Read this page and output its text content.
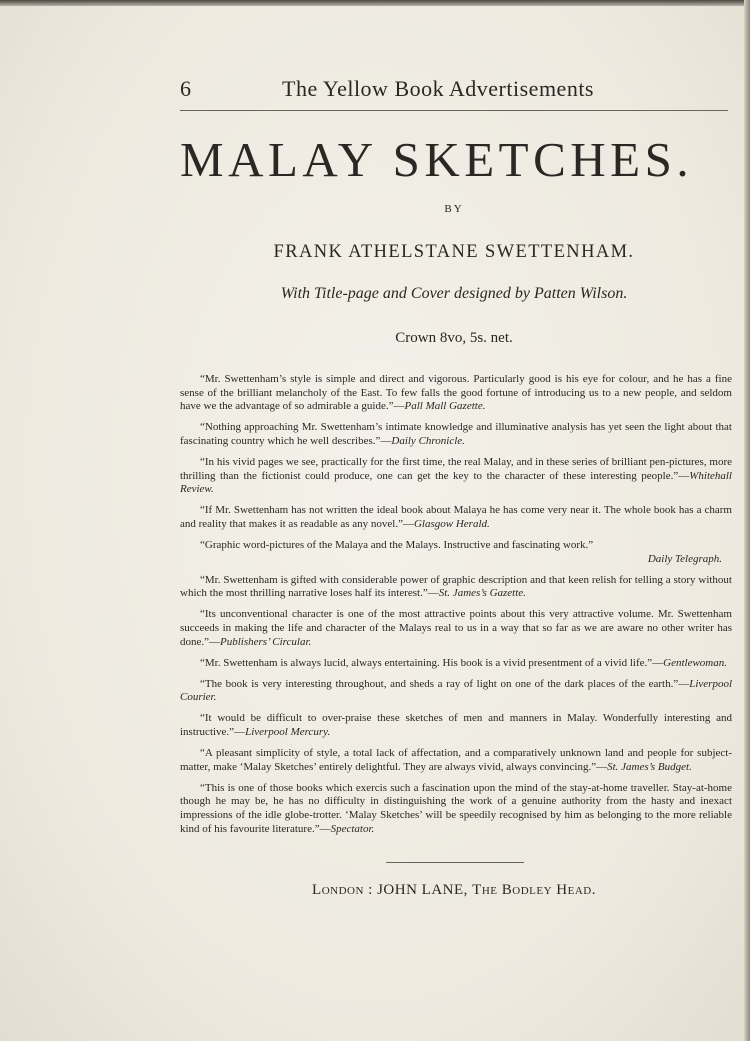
6	The Yellow Book Advertisements
MALAY SKETCHES.
BY
FRANK ATHELSTANE SWETTENHAM.
With Title-page and Cover designed by Patten Wilson.
Crown 8vo, 5s. net.

“Mr. Swettenham’s style is simple and direct and vigorous. Particularly good is his eye for colour, and he has a fine sense of the brilliant melancholy of the East. To few falls the good fortune of introducing us to a new people, and seldom have we the advantage of so admirable a guide.”—Pall Mall Gazette.

“Nothing approaching Mr. Swettenham’s intimate knowledge and illuminative analysis has yet seen the light about that fascinating country which he well describes.”—Daily Chronicle.

“In his vivid pages we see, practically for the first time, the real Malay, and in these series of brilliant pen-pictures, more thrilling than the fictionist could produce, one can get the key to the character of these interesting people.”—Whitehall Review.

“If Mr. Swettenham has not written the ideal book about Malaya he has come very near it. The whole book has a charm and reality that makes it as readable as any novel.”—Glasgow Herald.

“Graphic word-pictures of the Malaya and the Malays. Instructive and fascinating work.”
Daily Telegraph.

“Mr. Swettenham is gifted with considerable power of graphic description and that keen relish for telling a story without which the most thrilling narrative loses half its interest.”—St. James’s Gazette.

“Its unconventional character is one of the most attractive points about this very attractive volume. Mr. Swettenham succeeds in making the life and character of the Malays real to us in a way that so far as we are aware no other writer has done.”—Publishers’ Circular.

“Mr. Swettenham is always lucid, always entertaining. His book is a vivid presentment of a vivid life.”—Gentlewoman.

“The book is very interesting throughout, and sheds a ray of light on one of the dark places of the earth.”—Liverpool Courier.

“It would be difficult to over-praise these sketches of men and manners in Malay. Wonderfully interesting and instructive.”—Liverpool Mercury.

“A pleasant simplicity of style, a total lack of affectation, and a comparatively unknown land and people for subject-matter, make ‘Malay Sketches’ entirely delightful. They are always vivid, always convincing.”—St. James’s Budget.

“This is one of those books which exercis such a fascination upon the mind of the stay-at-home traveller. Stay-at-home though he may be, he has no difficulty in distinguishing the work of a genuine authority from the hasty and inexact impressions of the idle globe-trotter. ‘Malay Sketches’ will be speedily recognised by him as belonging to the more reliable kind of his favourite literature.”—Spectator.

London : JOHN LANE, The Bodley Head.
